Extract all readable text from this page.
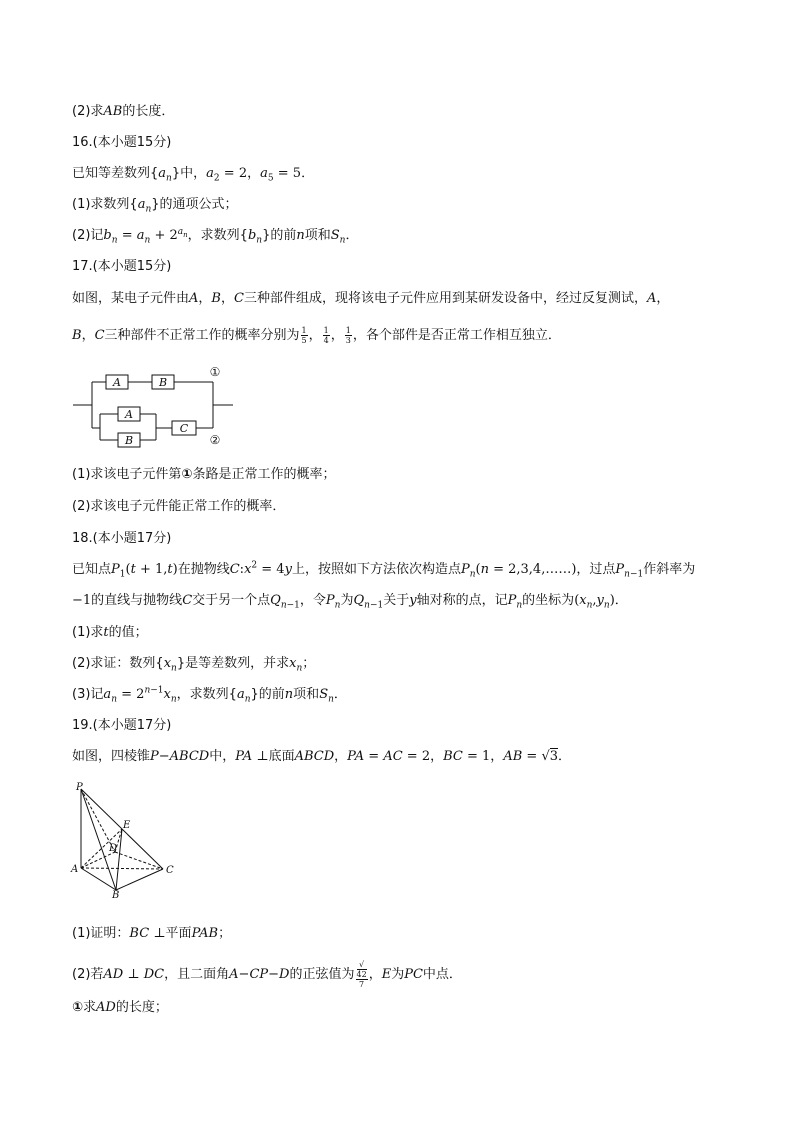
(2)求AB的长度．
16.(本小题15分)
已知等差数列$\{a_n\}$中，$a_2 = 2$，$a_5 = 5$．
(1)求数列$\{a_n\}$的通项公式；
(2)记$b_n = a_n + 2^{a_n}$，求数列$\{b_n\}$的前n项和$S_n$．
17.(本小题15分)
如图，某电子元件由A，B，C三种部件组成，现将该电子元件应用到某研发设备中，经过反复测试，A，
B，C三种部件不正常工作的概率分别为 $\frac{1}{5}$ ， $\frac{1}{4}$ ， $\frac{1}{3}$ ，各个部件是否正常工作相互独立．
A	B
A
B
C
①
②
(1)求该电子元件第①条路是正常工作的概率；
(2)求该电子元件能正常工作的概率．
18.(本小题17分)
已知点$P_1(t + 1,t)$在抛物线$C:x^2 = 4y$上，按照如下方法依次构造点$P_n(n$ = 2,3,4,……)，过点$P_{n-1}$作斜率为
−1的直线与抛物线C交于另一个点$Q_{n-1}$，令$P_n$为$Q_{n-1}$关于y轴对称的点，记$P_n$的坐标为$(x_n,y_n)$．
(1)求t的值；
(2)求证：数列$\{x_n\}$是等差数列，并求$x_n$；
(3)记$a_n = 2^{n-1}x_n$，求数列$\{a_n\}$的前n项和$S_n$．
19.(本小题17分)
如图，四棱锥P−ABCD中，PA ⊥底面ABCD，PA = AC = 2，BC = 1，AB = √3．
P
E
D
A
B
C
(1)证明：BC ⊥平面PAB；
(2)若AD ⊥ DC，且二面角A−CP−D的正弦值为 √
42
7 ，E为PC中点．
①求AD的长度；
